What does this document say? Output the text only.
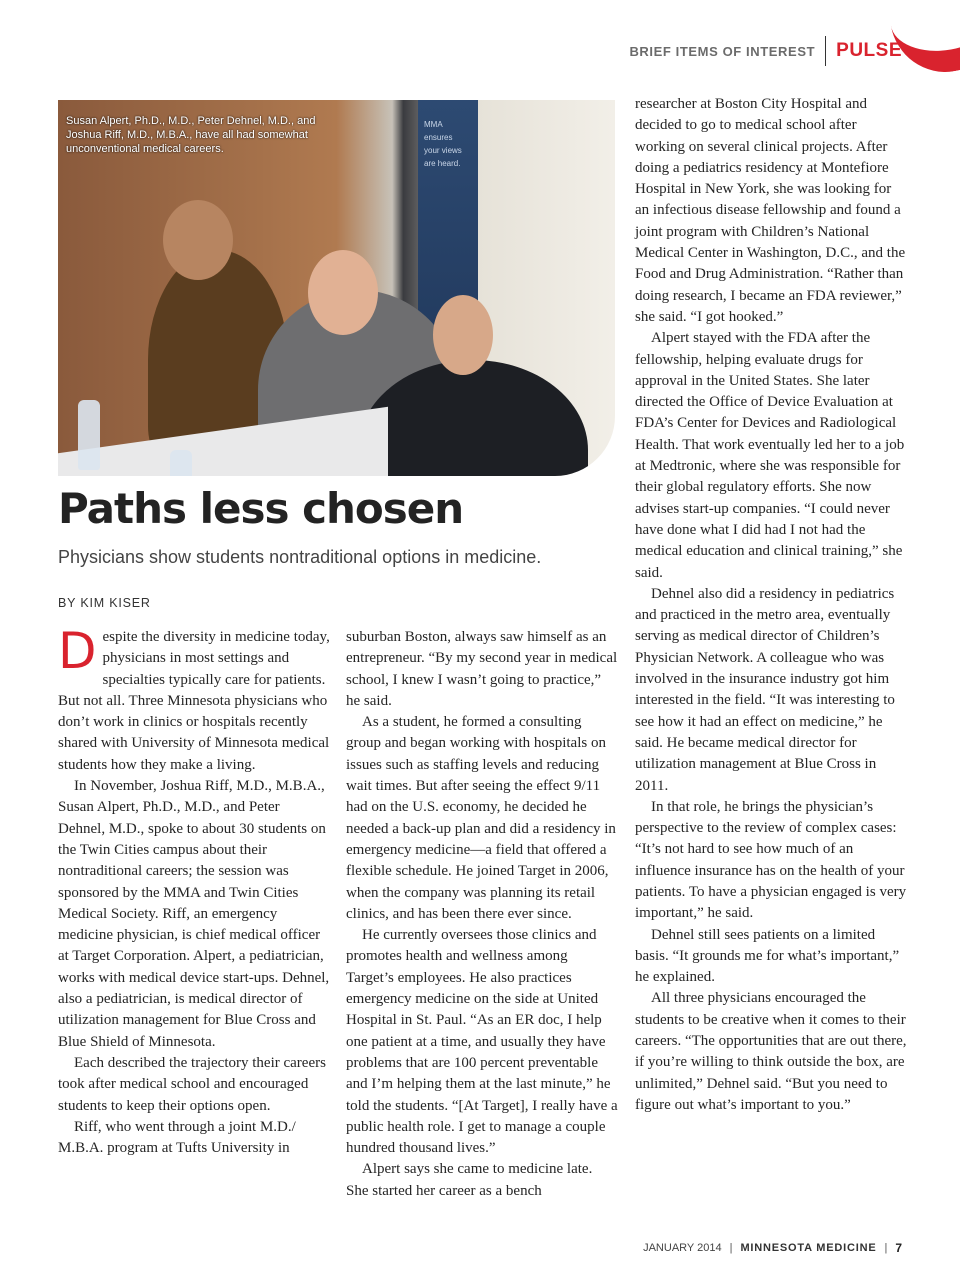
BRIEF ITEMS OF INTEREST PULSE
MMA ensures your views are heard.
Susan Alpert, Ph.D., M.D., Peter Dehnel, M.D., and Joshua Riff, M.D., M.B.A., have all had somewhat unconventional medical careers.
Paths less chosen
Physicians show students nontraditional options in medicine.
BY KIM KISER

Despite the diversity in medicine today, physicians in most settings and specialties typically care for patients. But not all. Three Minnesota physicians who don’t work in clinics or hospitals recently shared with University of Minnesota medical students how they make a living.

In November, Joshua Riff, M.D., M.B.A., Susan Alpert, Ph.D., M.D., and Peter Dehnel, M.D., spoke to about 30 students on the Twin Cities campus about their nontraditional careers; the session was sponsored by the MMA and Twin Cities Medical Society. Riff, an emergency medicine physician, is chief medical officer at Target Corporation. Alpert, a pediatrician, works with medical device start-ups. Dehnel, also a pediatrician, is medical director of utilization management for Blue Cross and Blue Shield of Minnesota.

Each described the trajectory their careers took after medical school and encouraged students to keep their options open.

Riff, who went through a joint M.D./ M.B.A. program at Tufts University in

suburban Boston, always saw himself as an entrepreneur. “By my second year in medical school, I knew I wasn’t going to practice,” he said.

As a student, he formed a consulting group and began working with hospitals on issues such as staffing levels and reducing wait times. But after seeing the effect 9/11 had on the U.S. economy, he decided he needed a back-up plan and did a residency in emergency medicine—a field that offered a flexible schedule. He joined Target in 2006, when the company was planning its retail clinics, and has been there ever since.

He currently oversees those clinics and promotes health and wellness among Target’s employees. He also practices emergency medicine on the side at United Hospital in St. Paul. “As an ER doc, I help one patient at a time, and usually they have problems that are 100 percent preventable and I’m helping them at the last minute,” he told the students. “[At Target], I really have a public health role. I get to manage a couple hundred thousand lives.”

Alpert says she came to medicine late. She started her career as a bench

researcher at Boston City Hospital and decided to go to medical school after working on several clinical projects. After doing a pediatrics residency at Montefiore Hospital in New York, she was looking for an infectious disease fellowship and found a joint program with Children’s National Medical Center in Washington, D.C., and the Food and Drug Administration. “Rather than doing research, I became an FDA reviewer,” she said. “I got hooked.”

Alpert stayed with the FDA after the fellowship, helping evaluate drugs for approval in the United States. She later directed the Office of Device Evaluation at FDA’s Center for Devices and Radiological Health. That work eventually led her to a job at Medtronic, where she was responsible for their global regulatory efforts. She now advises start-up companies. “I could never have done what I did had I not had the medical education and clinical training,” she said.

Dehnel also did a residency in pediatrics and practiced in the metro area, eventually serving as medical director of Children’s Physician Network. A colleague who was involved in the insurance industry got him interested in the field. “It was interesting to see how it had an effect on medicine,” he said. He became medical director for utilization management at Blue Cross in 2011.

In that role, he brings the physician’s perspective to the review of complex cases: “It’s not hard to see how much of an influence insurance has on the health of your patients. To have a physician engaged is very important,” he said.

Dehnel still sees patients on a limited basis. “It grounds me for what’s important,” he explained.

All three physicians encouraged the students to be creative when it comes to their careers. “The opportunities that are out there, if you’re willing to think outside the box, are unlimited,” Dehnel said. “But you need to figure out what’s important to you.”

JANUARY 2014 | MINNESOTA MEDICINE | 7
